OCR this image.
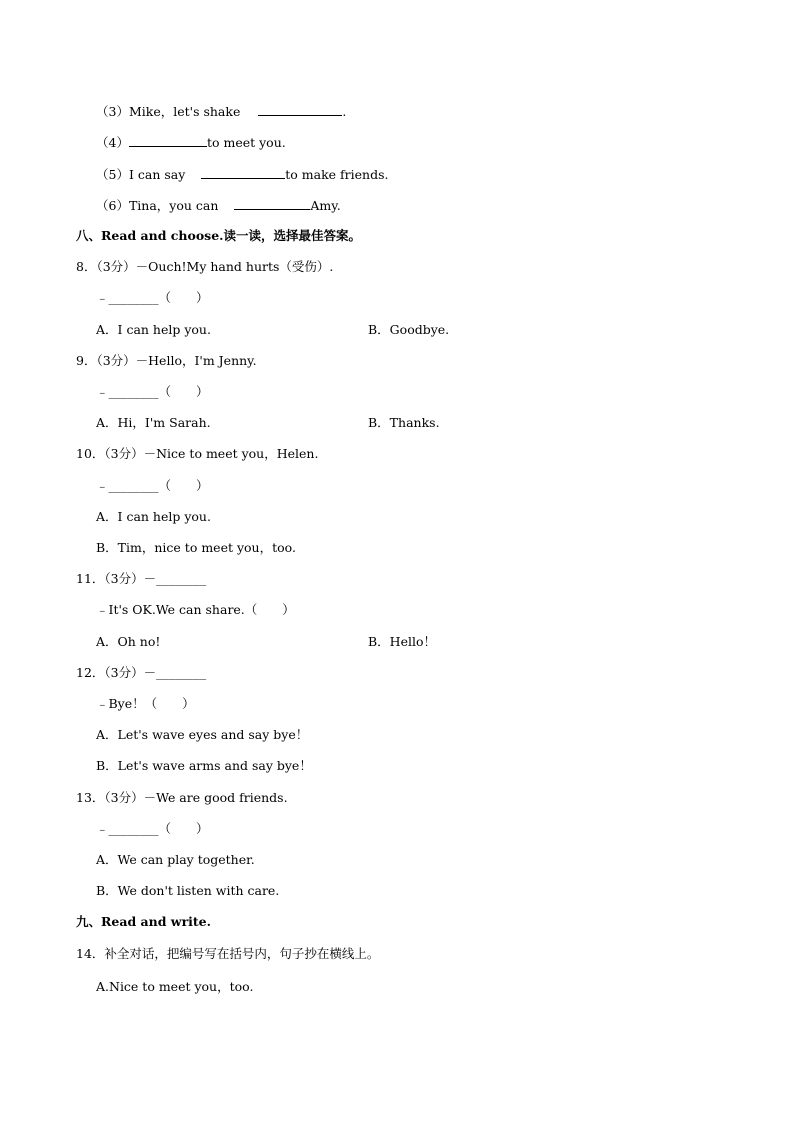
（3）Mike，let's shake	.
（4）	to meet you.
（5）I can say	to make friends.
（6）Tina，you can	Amy.
八、Read and choose.读一读，选择最佳答案。
8．（3分）－Ouch!My hand hurts（受伤）.
﹣________（　　）
A．I can help you.	B．Goodbye.
9．（3分）－Hello，I'm Jenny.
﹣________（　　）
A．Hi，I'm Sarah.	B．Thanks.
10．（3分）－Nice to meet you，Helen.
﹣________（　　）
A．I can help you.
B．Tim，nice to meet you，too.
11．（3分）－________
﹣It's OK.We can share.（　　）
A．Oh no!	B．Hello！
12．（3分）－________
﹣Bye！（　　）
A．Let's wave eyes and say bye！
B．Let's wave arms and say bye！
13．（3分）－We are good friends.
﹣________（　　）
A．We can play together.
B．We don't listen with care.
九、Read and write.
14．补全对话，把编号写在括号内，句子抄在横线上。
A.Nice to meet you，too.
